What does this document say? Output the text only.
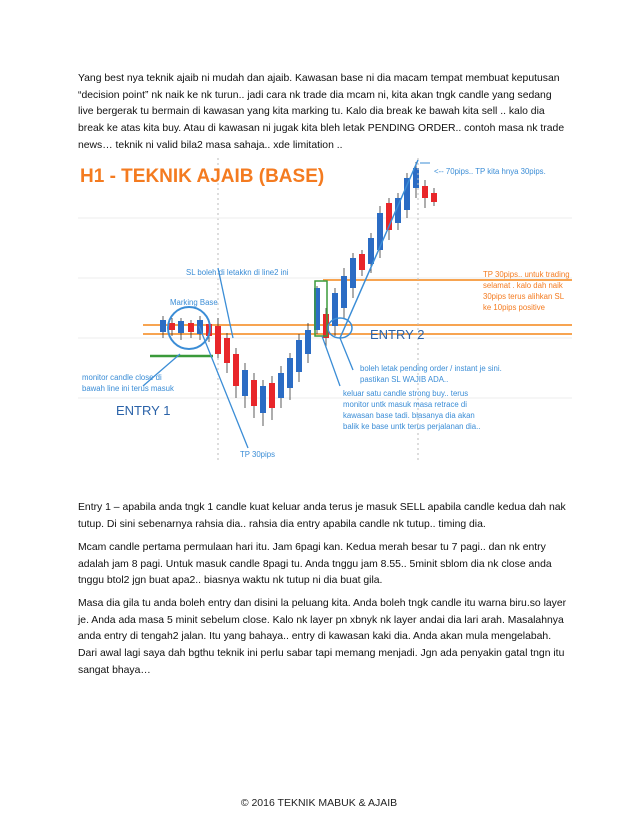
Yang best nya teknik ajaib ni mudah dan ajaib. Kawasan base ni dia macam tempat membuat keputusan “decision point” nk naik ke nk turun.. jadi cara nk trade dia mcam ni, kita akan tngk candle yang sedang live bergerak tu bermain di kawasan yang kita marking tu. Kalo dia break ke bawah kita sell .. kalo dia break ke atas kita buy. Atau di kawasan ni jugak kita bleh letak PENDING ORDER.. contoh masa nk trade news… teknik ni valid bila2 masa sahaja.. xde limitation ..

H1 - TEKNIK AJAIB (BASE)	<-- 70pips.. TP kita hnya 30pips.
SL boleh di letakkn di line2 ini
Marking Base
TP 30pips.. untuk trading
selamat . kalo dah naik
30pips terus alihkan SL
ke 10pips positive
ENTRY 2
monitor candle close di
bawah line ini terus masuk
ENTRY 1
boleh letak pending order / instant je sini.
pastikan SL WAJIB ADA..
keluar satu candle strong buy.. terus
monitor untk masuk masa retrace di
kawasan base tadi. biasanya dia akan
balik ke base untk terus perjalanan dia..
TP 30pips

Entry 1 – apabila anda tngk 1 candle kuat keluar anda terus je masuk SELL apabila candle kedua dah nak tutup. Di sini sebenarnya rahsia dia.. rahsia dia entry apabila candle nk tutup.. timing dia.

Mcam candle pertama permulaan hari itu. Jam 6pagi kan. Kedua merah besar tu 7 pagi.. dan nk entry adalah jam 8 pagi. Untuk masuk candle 8pagi tu. Anda tnggu jam 8.55.. 5minit sblom dia nk close anda tnggu btol2 jgn buat apa2.. biasnya waktu nk tutup ni dia buat gila.

Masa dia gila tu anda boleh entry dan disini la peluang kita. Anda boleh tngk candle itu warna biru.so layer je. Anda ada masa 5 minit sebelum close. Kalo nk layer pn xbnyk nk layer andai dia lari arah. Masalahnya anda entry di tengah2 jalan. Itu yang bahaya.. entry di kawasan kaki dia. Anda akan mula mengelabah. Dari awal lagi saya dah bgthu teknik ini perlu sabar tapi memang menjadi. Jgn ada penyakin gatal tngn itu sangat bhaya…

© 2016 TEKNIK MABUK & AJAIB
